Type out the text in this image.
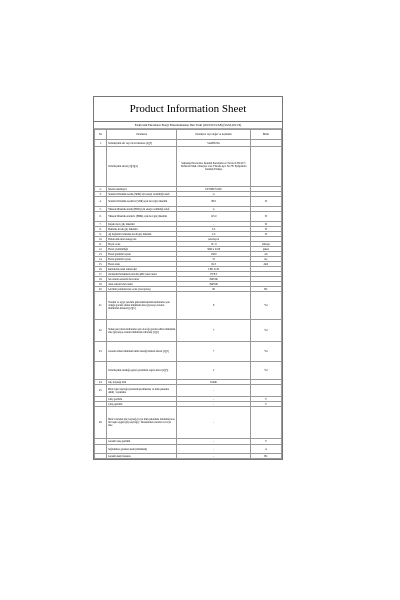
Product Information Sheet
Elektronik Ekranların Enerji Etiketlenmesine Dair Yetki (2019/2013/AB) (SGM-2021/6)
No	Parametre	Parametre veya değer ve Açıklama	Birim
1.	Tedarikçinin adı veya ticari markası [2][3]	SAMSUNG	
	Tedarikçinin adresi [2][3][4]	Samsung Electronics İstanbul Pazarlama ve Ticaret LTD.ŞTİ / Defterdar Mah. Otakçılar Cad. Flatofis Apt. No:78/ Eyüpsultan İstanbul,Türkiye	
2.	Model tanımlayıcı	UE55BU7100U	
3.	Standart Dinamik Aralık (SDR) için enerji verimliliği sınıfı	G	
4.	Standart Dinamik Aralık'ta (SDR) açık mod güç tüketimi	88.0	W
5.	Yüksek Dinamik Aralık (HDR) için enerji verimliliği sınıfı	G	
6.	Yüksek Dinamik Aralık'ta (HDR) açık mod güç tüketimi	125.0	W
7.	Kapalı mod, güç tüketimi	-	W
8.	Bekleme modu güç tüketimi	0.5	W
9.	Ağ bağlantılı bekleme modu güç tüketimi	2.0	W
10.	Elektronik ekran kategorisi	televizyon	
11.	Boyut oranı	16 : 9	tamsayı
12.	Ekran çözünürlüğü	3840 x 2160	piksel
13.	Ekran görüntü boyutu	138.0	cm
14.	Ekran görüntü boyutu	55	inç
15.	Ekran alanı	82.3	dm2
16.	Kullanılan panel teknolojisi	LED LCD	
17.	Otomatik Parlaklık Kontrolü (ABC) mevcuttur	EVET	
18.	Ses tanıma sensörü mevcuttur	HAYIR	
19.	Alan sensörü mevcuttur	HAYIR	
20.	Görüntü yenileme hızı oranı (varsayılan)	60	Hz
21.	Yazılım ve aygıt yazılımı güncellemelerinin kullanıma açık olduğu garanti edilen minimum süre (piyasaya arzının bitiminden itibaren) [2][5]	8	Yıl
22.	Yedek parçaların kullanıma açık olacağı garanti edilen minimum süre (piyasaya arzının bitiminden itibaren) [2][5]	7	Yıl
23.	Garanti edilen minimum ürün desteği hizmeti süresi [2][5]	7	Yıl
	Tedarikçinin sunduğu genel garantinin asgari süresi [2][5]	2	Yıl
24.	Güç kaynağı türü	Dahili	
25.	Harici güç kaynağı (standartlaştırılmamış ve ürün paketine dahil) / Açıklama	-	
	Giriş gerilimi	-	V
	Çıkış gerilimi	-	V
26.	Harici standart güç kaynağı (veya ürün paketinde bulunmuyorsa bir başka uygun güç kaynağı) / Desteklenen standart ad veya liste	-	
	Gerekli çıkış gerilimi	-	V
	Sağlanması gereken akım (minimum)	-	A
	Gerekli akım frekansı	-	Hz
